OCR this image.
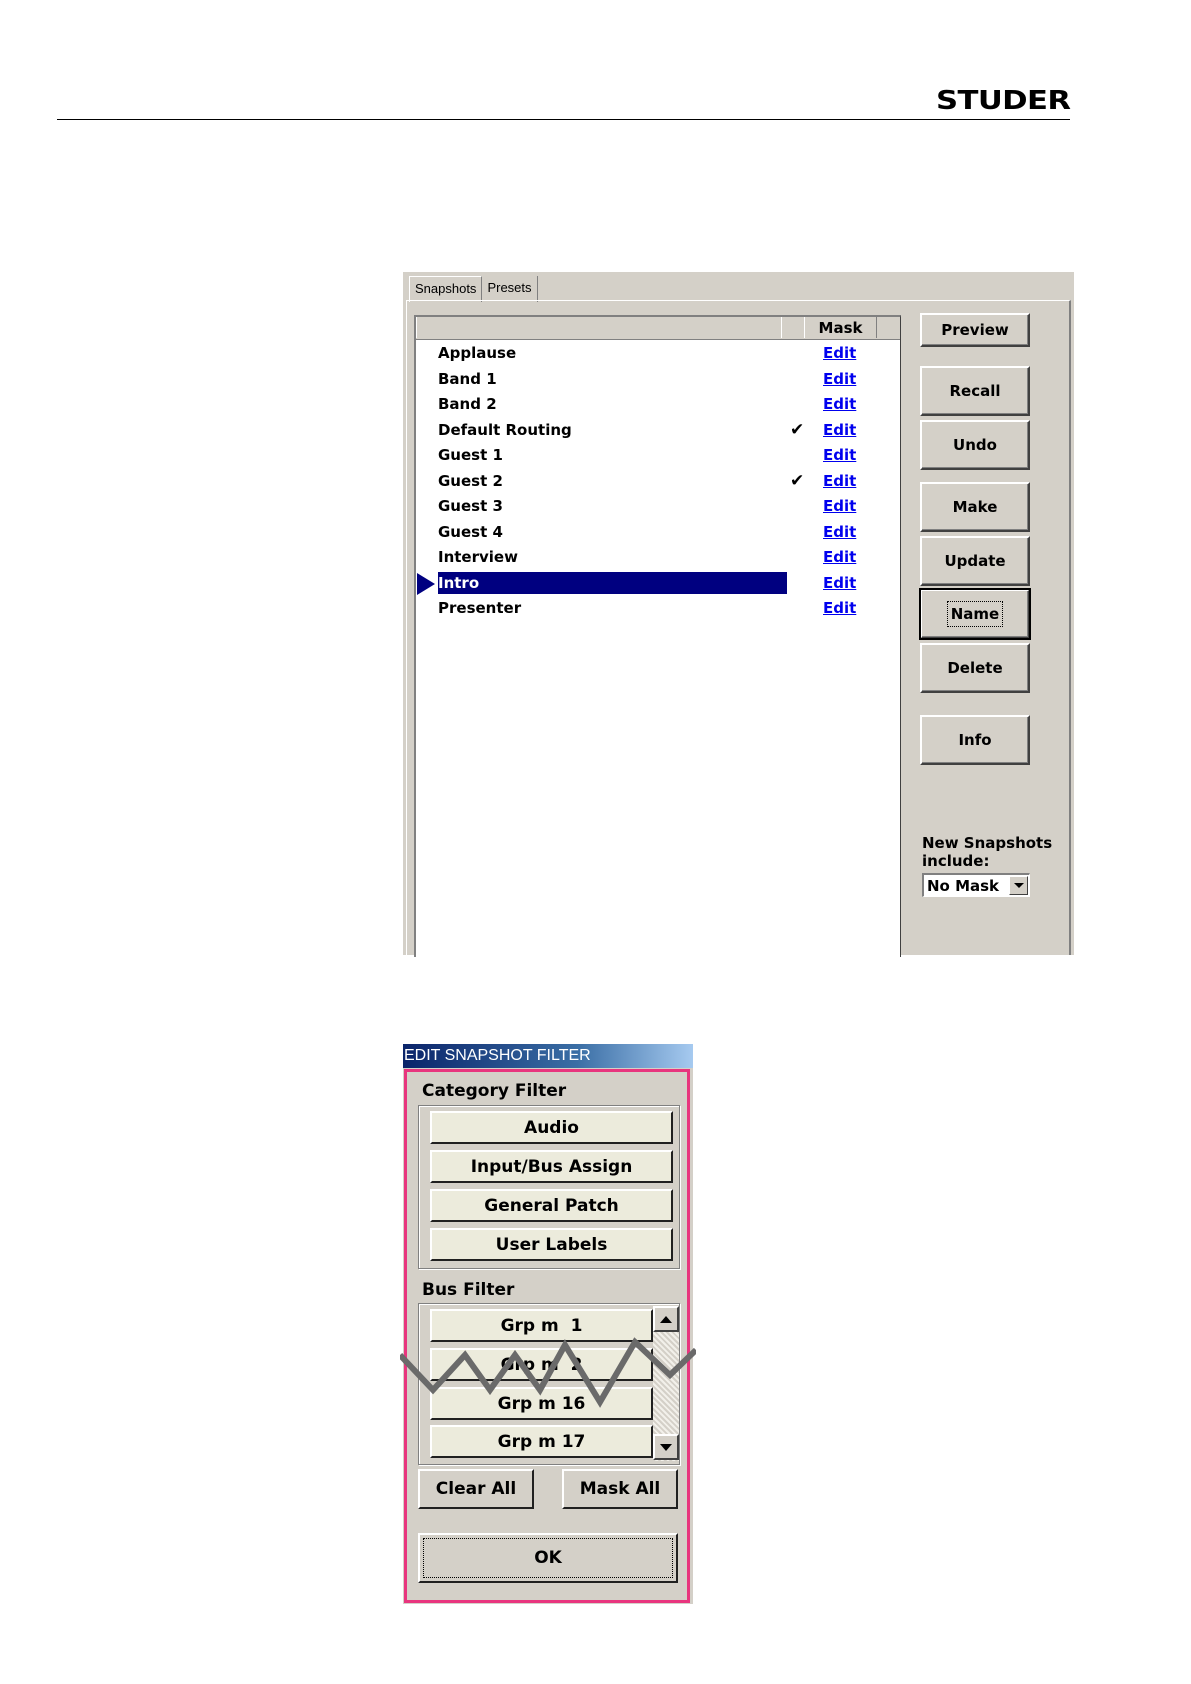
STUDER
Snapshots Presets
Mask
Applause	Edit
Band 1	Edit
Band 2	Edit
Default Routing	✔	Edit
Guest 1	Edit
Guest 2	✔	Edit
Guest 3	Edit
Guest 4	Edit
Interview	Edit
Intro	Edit
Presenter	Edit
Preview
Recall
Undo
Make
Update
Name
Delete
Info
New Snapshots
include:
No Mask
EDIT SNAPSHOT FILTER
Category Filter
Audio
Input/Bus Assign
General Patch
User Labels
Bus Filter
Grp m  1
Grp m  2
Grp m 16
Grp m 17
Clear All	Mask All
OK
